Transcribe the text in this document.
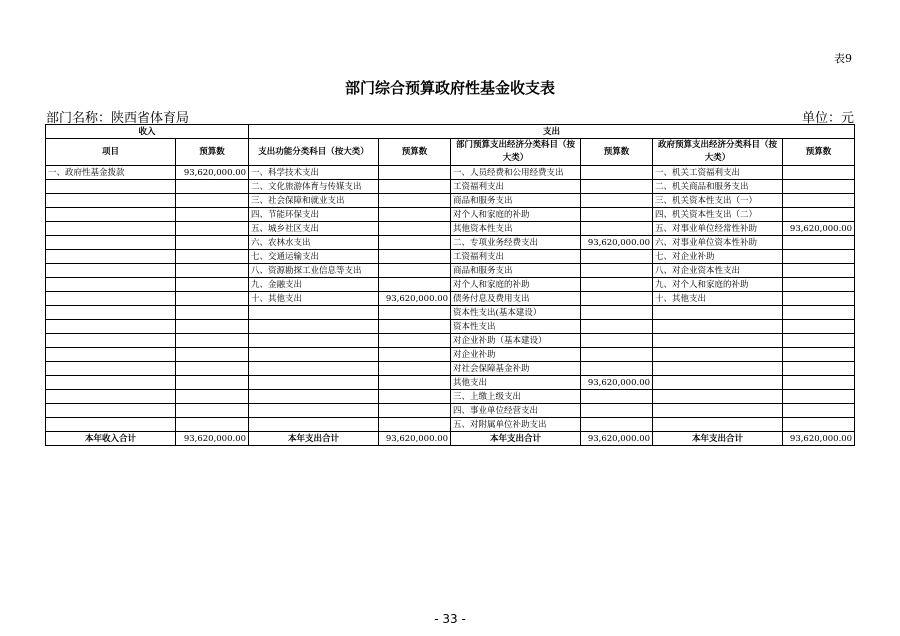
表9
部门综合预算政府性基金收支表
部门名称：陕西省体育局	单位：元
收入		支出					
项目	预算数	支出功能分类科目（按大类）	预算数	部门预算支出经济分类科目（按大类）	预算数	政府预算支出经济分类科目（按大类）	预算数
一、政府性基金拨款	93,620,000.00	一、科学技术支出		一、人员经费和公用经费支出		一、机关工资福利支出	
		二、文化旅游体育与传媒支出		工资福利支出		二、机关商品和服务支出	
		三、社会保障和就业支出		商品和服务支出		三、机关资本性支出（一）	
		四、节能环保支出		对个人和家庭的补助		四、机关资本性支出（二）	
		五、城乡社区支出		其他资本性支出		五、对事业单位经常性补助	93,620,000.00
		六、农林水支出		二、专项业务经费支出	93,620,000.00	六、对事业单位资本性补助	
		七、交通运输支出		工资福利支出		七、对企业补助	
		八、资源勘探工业信息等支出		商品和服务支出		八、对企业资本性支出	
		九、金融支出		对个人和家庭的补助		九、对个人和家庭的补助	
		十、其他支出	93,620,000.00	债务付息及费用支出		十、其他支出	
				资本性支出(基本建设）			
				资本性支出			
				对企业补助（基本建设）			
				对企业补助			
				对社会保障基金补助			
				其他支出	93,620,000.00		
				三、上缴上级支出			
				四、事业单位经营支出			
				五、对附属单位补助支出			
本年收入合计	93,620,000.00	本年支出合计	93,620,000.00	本年支出合计	93,620,000.00	本年支出合计	93,620,000.00
- 33 -
